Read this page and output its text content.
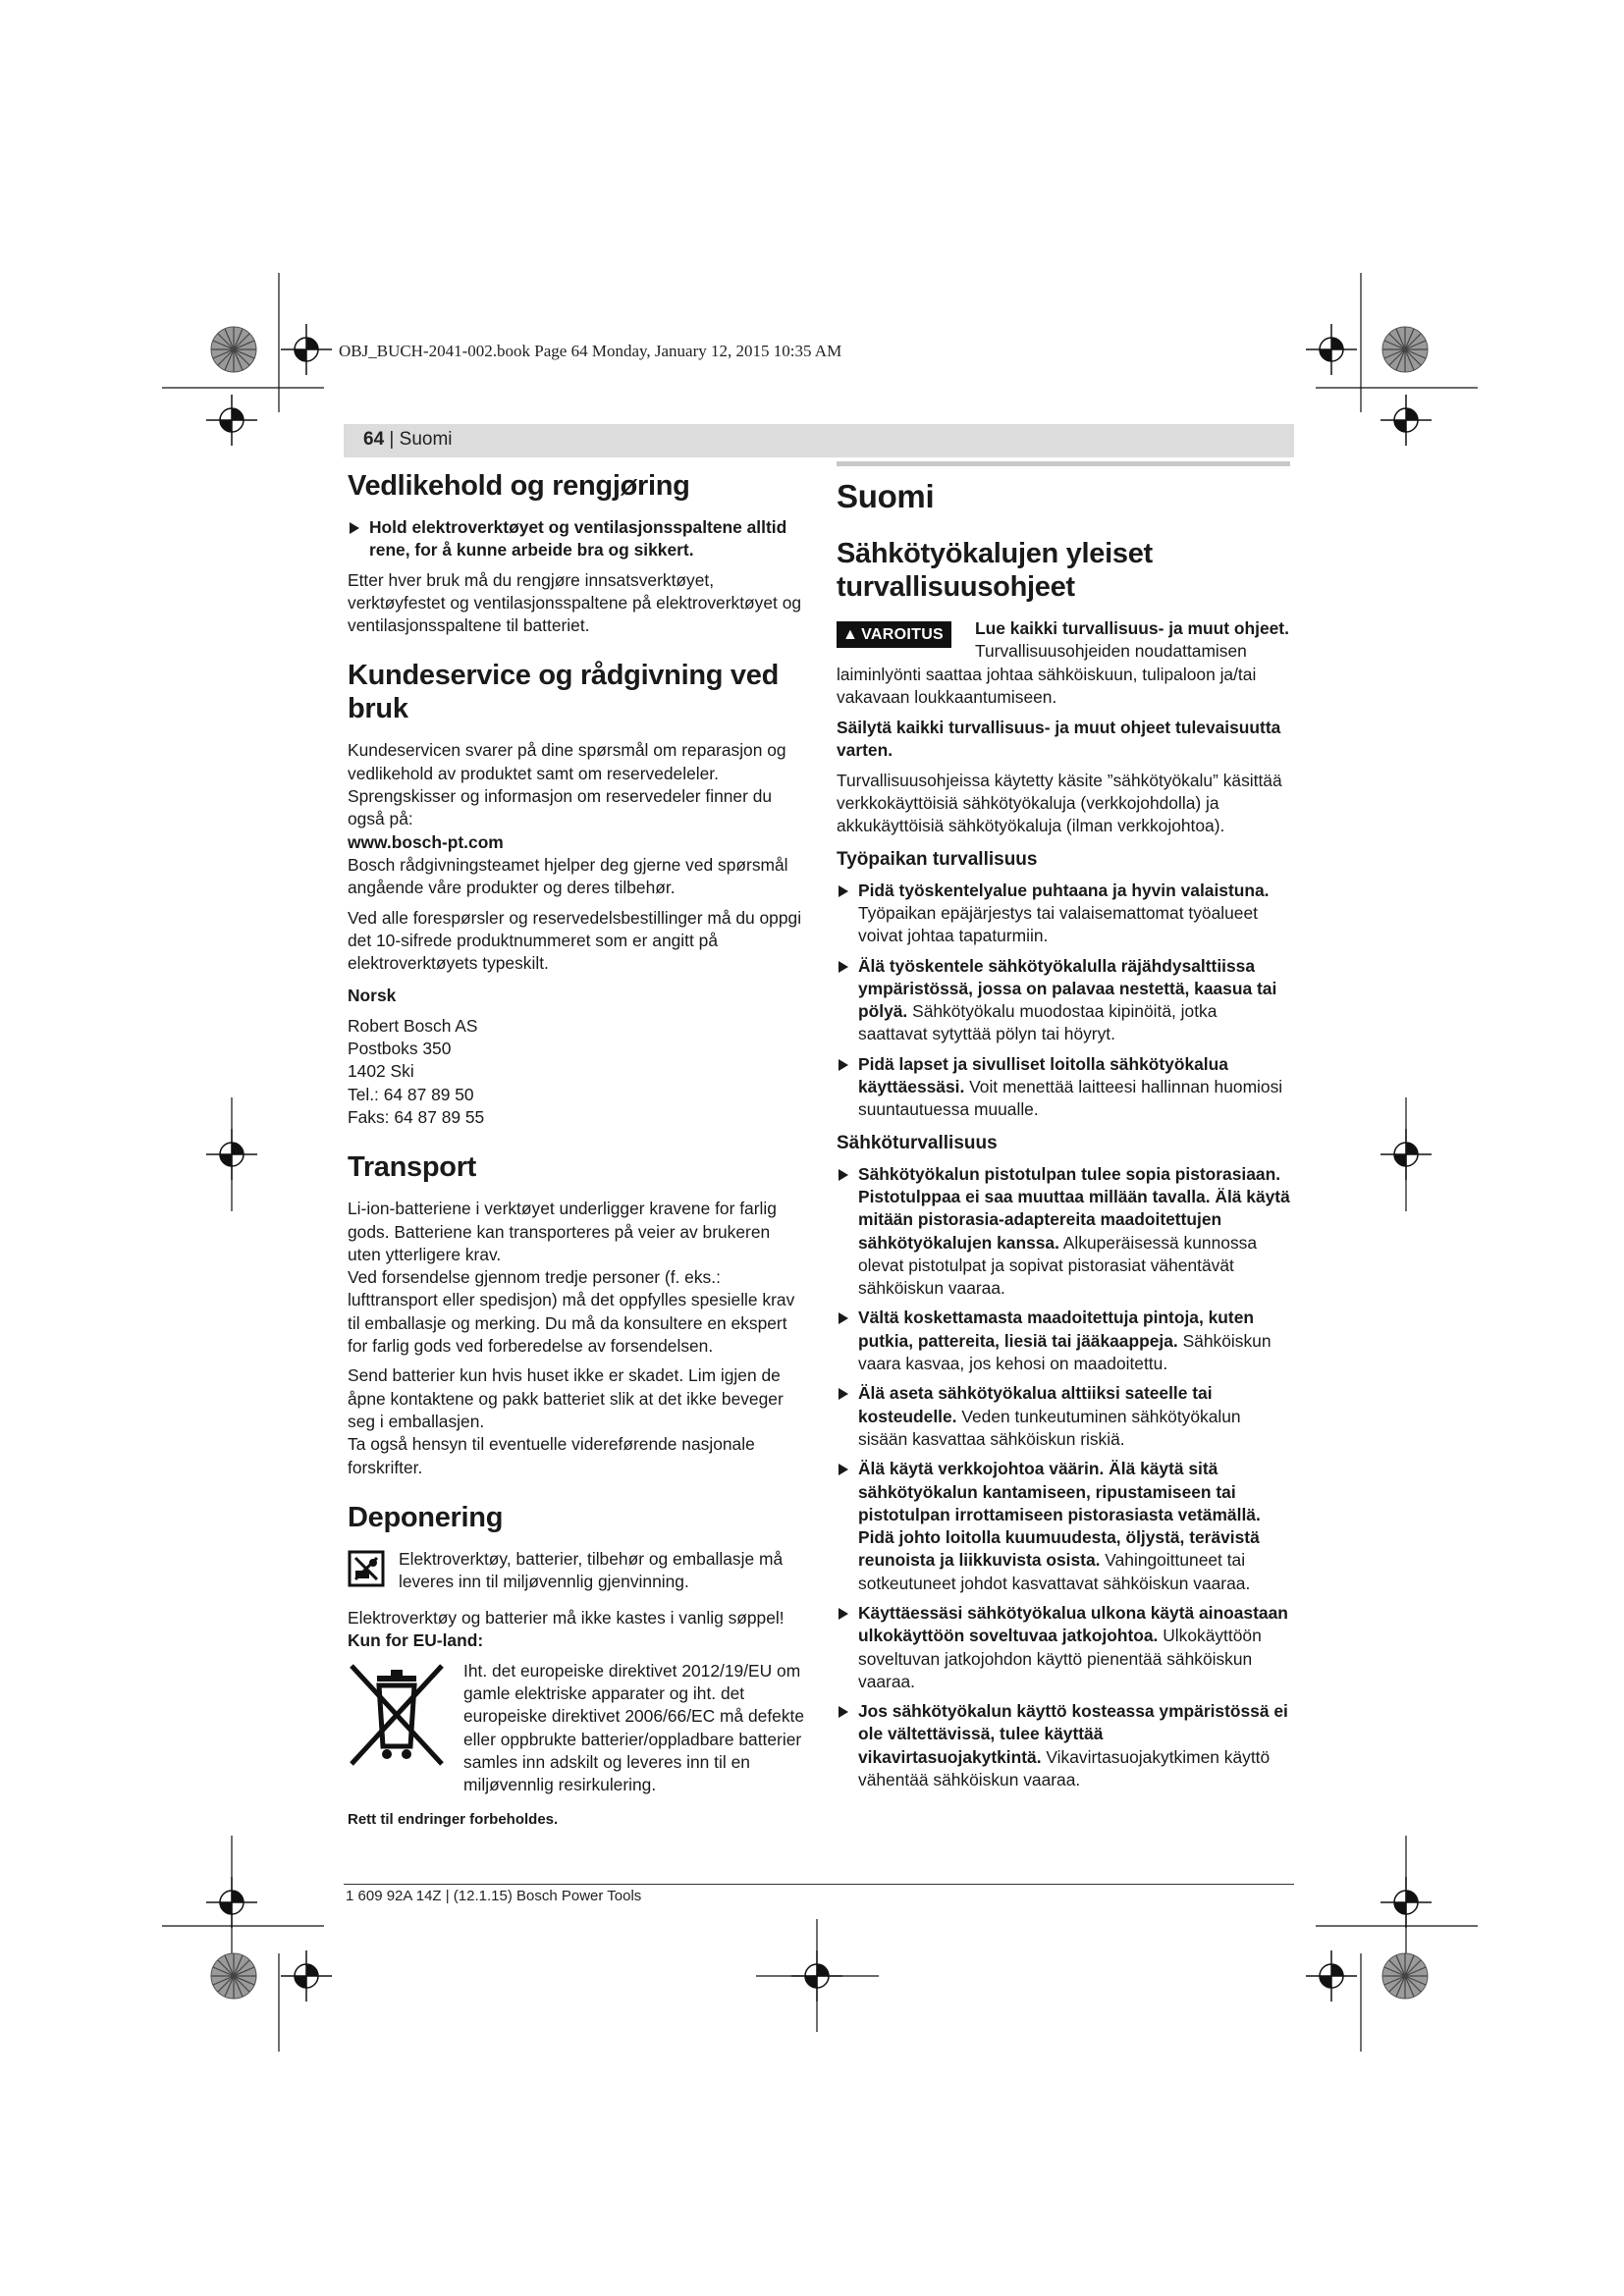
OBJ_BUCH-2041-002.book Page 64 Monday, January 12, 2015 10:35 AM
64 | Suomi
Vedlikehold og rengjøring
Hold elektroverktøyet og ventilasjonsspaltene alltid rene, for å kunne arbeide bra og sikkert.

Etter hver bruk må du rengjøre innsatsverktøyet, verktøyfestet og ventilasjonsspaltene på elektroverktøyet og ventilasjonsspaltene til batteriet.

Kundeservice og rådgivning ved bruk

Kundeservicen svarer på dine spørsmål om reparasjon og vedlikehold av produktet samt om reservedeleler. Sprengskisser og informasjon om reservedeler finner du også på:

www.bosch-pt.com

Bosch rådgivningsteamet hjelper deg gjerne ved spørsmål angående våre produkter og deres tilbehør.

Ved alle forespørsler og reservedelsbestillinger må du oppgi det 10-sifrede produktnummeret som er angitt på elektroverktøyets typeskilt.

Norsk

Robert Bosch AS
Postboks 350
1402 Ski
Tel.: 64 87 89 50
Faks: 64 87 89 55
Transport

Li-ion-batteriene i verktøyet underligger kravene for farlig gods. Batteriene kan transporteres på veier av brukeren uten ytterligere krav.

Ved forsendelse gjennom tredje personer (f. eks.: lufttransport eller spedisjon) må det oppfylles spesielle krav til emballasje og merking. Du må da konsultere en ekspert for farlig gods ved forberedelse av forsendelsen.

Send batterier kun hvis huset ikke er skadet. Lim igjen de åpne kontaktene og pakk batteriet slik at det ikke beveger seg i emballasjen.

Ta også hensyn til eventuelle videreførende nasjonale forskrifter.

Deponering
Elektroverktøy, batterier, tilbehør og emballasje må leveres inn til miljøvennlig gjenvinning.

Elektroverktøy og batterier må ikke kastes i vanlig søppel!

Kun for EU-land:

Iht. det europeiske direktivet 2012/19/EU om gamle elektriske apparater og iht. det europeiske direktivet 2006/66/EC må defekte eller oppbrukte batterier/oppladbare batterier samles inn adskilt og leveres inn til en miljøvennlig resirkulering.

Rett til endringer forbeholdes.

Suomi
Sähkötyökalujen yleiset turvallisuusohjeet
▲ VAROITUS	Lue kaikki turvallisuus- ja muut ohjeet. Turvallisuusohjeiden noudattamisen laiminlyönti saattaa johtaa sähköiskuun, tulipaloon ja/tai vakavaan loukkaantumiseen.

Säilytä kaikki turvallisuus- ja muut ohjeet tulevaisuutta varten.

Turvallisuusohjeissa käytetty käsite ”sähkötyökalu” käsittää verkkokäyttöisiä sähkötyökaluja (verkkojohdolla) ja akkukäyttöisiä sähkötyökaluja (ilman verkkojohtoa).

Työpaikan turvallisuus
Pidä työskentelyalue puhtaana ja hyvin valaistuna. Työpaikan epäjärjestys tai valaisemattomat työalueet voivat johtaa tapaturmiin.
Älä työskentele sähkötyökalulla räjähdysalttiissa ympäristössä, jossa on palavaa nestettä, kaasua tai pölyä. Sähkötyökalu muodostaa kipinöitä, jotka saattavat sytyttää pölyn tai höyryt.
Pidä lapset ja sivulliset loitolla sähkötyökalua käyttäessäsi. Voit menettää laitteesi hallinnan huomiosi suuntautuessa muualle.
Sähköturvallisuus
Sähkötyökalun pistotulpan tulee sopia pistorasiaan. Pistotulppaa ei saa muuttaa millään tavalla. Älä käytä mitään pistorasia-adaptereita maadoitettujen sähkötyökalujen kanssa. Alkuperäisessä kunnossa olevat pistotulpat ja sopivat pistorasiat vähentävät sähköiskun vaaraa.
Vältä koskettamasta maadoitettuja pintoja, kuten putkia, pattereita, liesiä tai jääkaappeja. Sähköiskun vaara kasvaa, jos kehosi on maadoitettu.
Älä aseta sähkötyökalua alttiiksi sateelle tai kosteudelle. Veden tunkeutuminen sähkötyökalun sisään kasvattaa sähköiskun riskiä.
Älä käytä verkkojohtoa väärin. Älä käytä sitä sähkötyökalun kantamiseen, ripustamiseen tai pistotulpan irrottamiseen pistorasiasta vetämällä. Pidä johto loitolla kuumuudesta, öljystä, terävistä reunoista ja liikkuvista osista. Vahingoittuneet tai sotkeutuneet johdot kasvattavat sähköiskun vaaraa.
Käyttäessäsi sähkötyökalua ulkona käytä ainoastaan ulkokäyttöön soveltuvaa jatkojohtoa. Ulkokäyttöön soveltuvan jatkojohdon käyttö pienentää sähköiskun vaaraa.
Jos sähkötyökalun käyttö kosteassa ympäristössä ei ole vältettävissä, tulee käyttää vikavirtasuojakytkintä. Vikavirtasuojakytkimen käyttö vähentää sähköiskun vaaraa.
1 609 92A 14Z | (12.1.15) Bosch Power Tools
